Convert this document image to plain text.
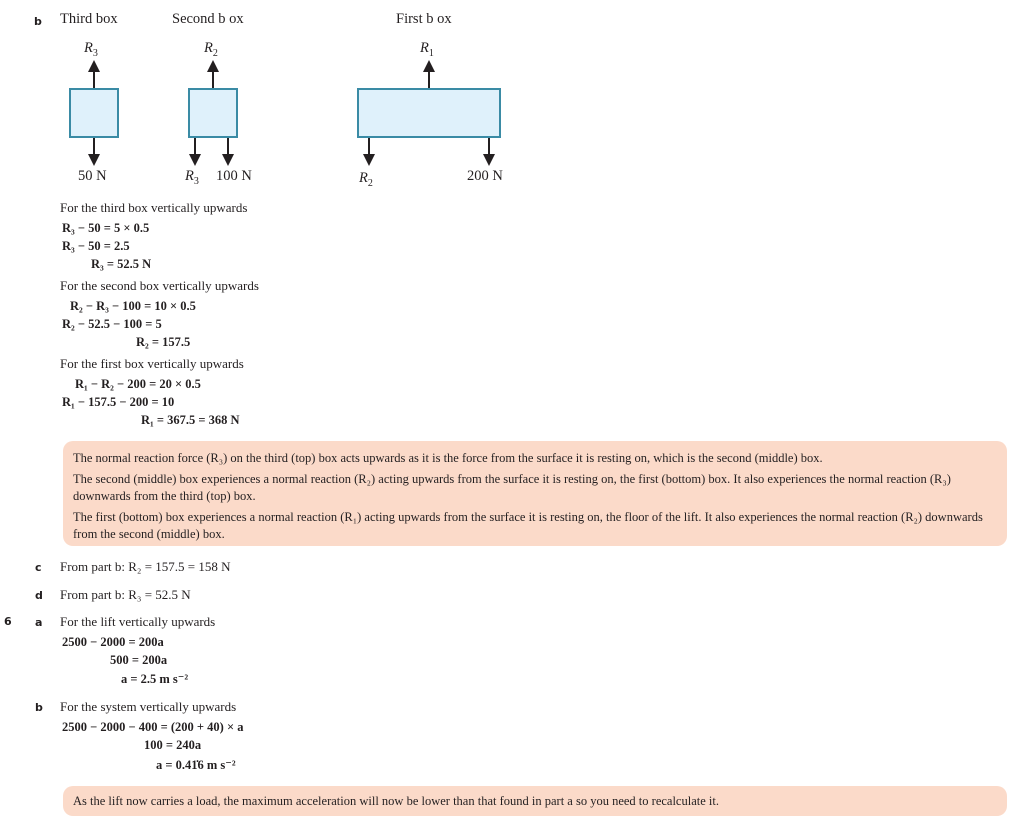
b Third box	Second b ox	First b ox
$R_3$	$R_2$	$R_1$
50 N	$R_3$ 100 N	$R_2$	200 N
For the third box vertically upwards
R₃ − 50 = 5 × 0.5
R₃ − 50 = 2.5
R₃ = 52.5 N
For the second box vertically upwards
R₂ − R₃ − 100 = 10 × 0.5
R₂ − 52.5 − 100 = 5
R₂ = 157.5
For the first box vertically upwards
R₁ − R₂ − 200 = 20 × 0.5
R₁ − 157.5 − 200 = 10
R₁ = 367.5 = 368 N

The normal reaction force (R₃) on the third (top) box acts upwards as it is the force from the surface it is resting on, which is the second (middle) box.

The second (middle) box experiences a normal reaction (R₂) acting upwards from the surface it is resting on, the first (bottom) box. It also experiences the normal reaction (R₃) downwards from the third (top) box.

The first (bottom) box experiences a normal reaction (R₁) acting upwards from the surface it is resting on, the floor of the lift. It also experiences the normal reaction (R₂) downwards from the second (middle) box.

c From part b: R₂ = 157.5 = 158 N
d From part b: R₃ = 52.5 N
6 a For the lift vertically upwards
2500 − 2000 = 200a
500 = 200a
a = 2.5 m s⁻²
b For the system vertically upwards
2500 − 2000 − 400 = (200 + 40) × a
100 = 240a
a = 0.41̇6 m s⁻²

As the lift now carries a load, the maximum acceleration will now be lower than that found in part a so you need to recalculate it.
